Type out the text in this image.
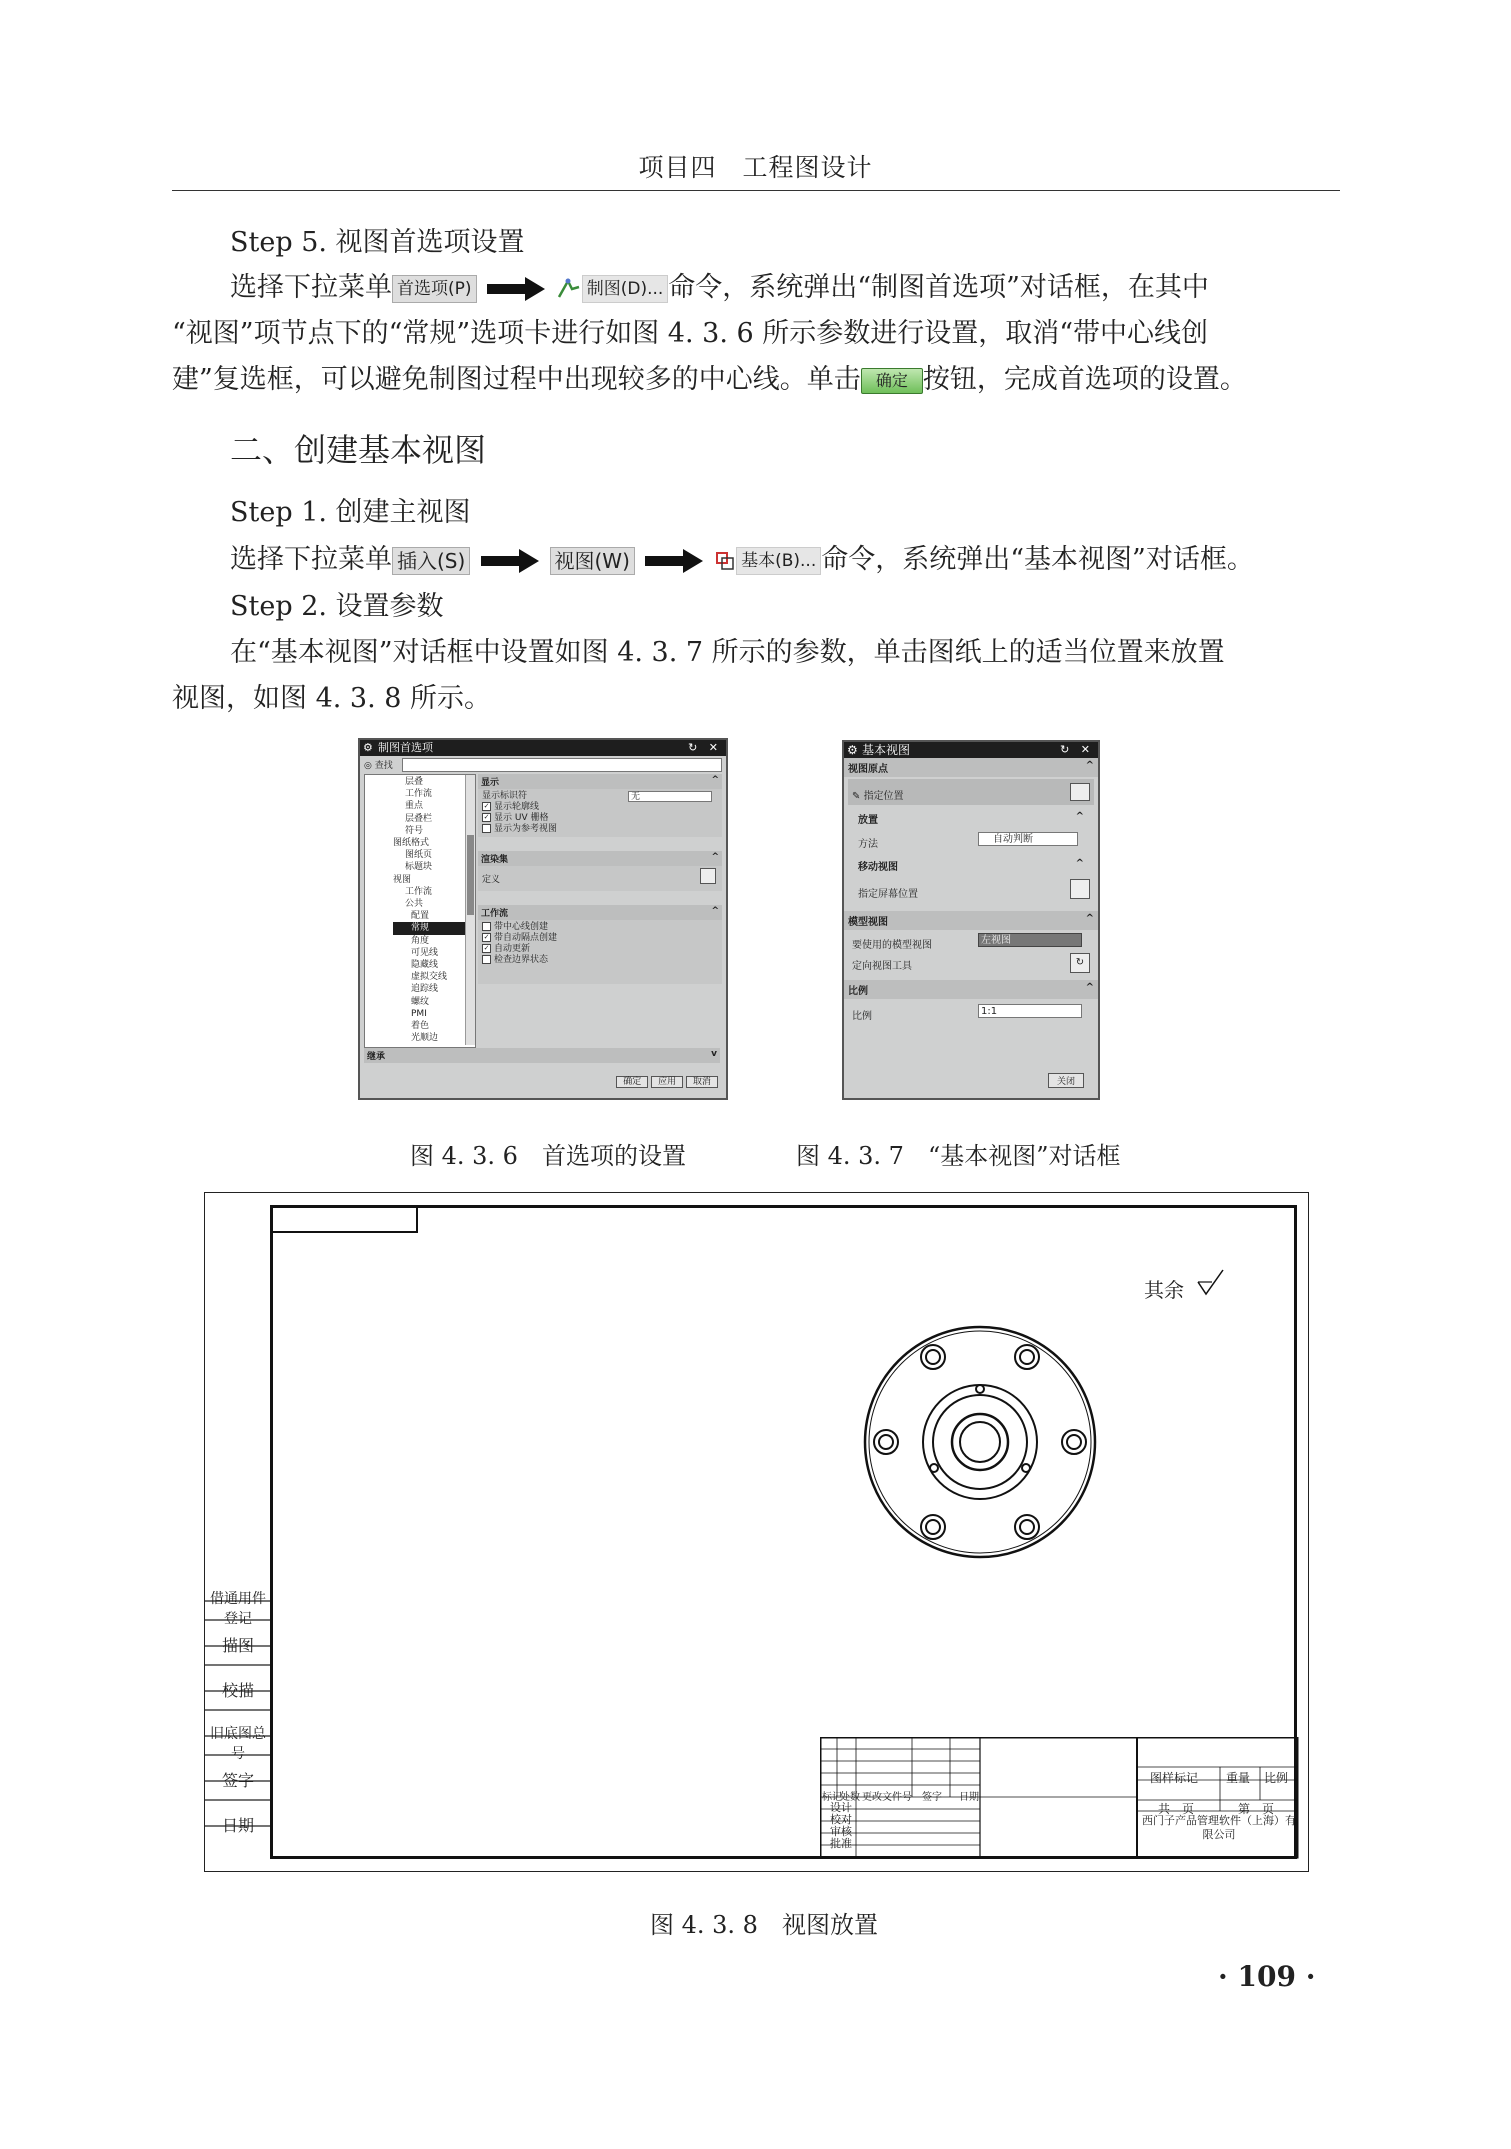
项目四　工程图设计
Step 5. 视图首选项设置
选择下拉菜单 首选项(P)	制图(D)... 命令，系统弹出“制图首选项”对话框，在其中
“视图”项节点下的“常规”选项卡进行如图 4. 3. 6 所示参数进行设置，取消“带中心线创
建”复选框，可以避免制图过程中出现较多的中心线。单击 确定 按钮，完成首选项的设置。
二、创建基本视图
Step 1. 创建主视图
选择下拉菜单 插入(S)	视图(W)	基本(B)... 命令，系统弹出“基本视图”对话框。
Step 2. 设置参数
在“基本视图”对话框中设置如图 4. 3. 7 所示的参数，单击图纸上的适当位置来放置
视图，如图 4. 3. 8 所示。
⚙ 制图首选项	↻ ✕
◎ 查找
层叠
工作流
重点
层叠栏
符号
图纸格式
图纸页
标题块
视图
工作流
公共
配置
常规
角度
可见线
隐藏线
虚拟交线
追踪线
螺纹
PMI
着色
光顺边
显示	^
显示标识符	无
✓ 显示轮廓线
✓ 显示 UV 栅格
显示为参考视图
渲染集	^
定义
工作流	^
带中心线创建
✓ 带自动隔点创建
✓ 自动更新
检查边界状态
继承	v
确定 应用 取消
⚙ 基本视图	↻ ✕
视图原点	^
✎ 指定位置
放置	^
方法	自动判断
移动视图	^
指定屏幕位置
模型视图	^
要使用的模型视图	左视图
定向视图工具	↻
比例	^
比例	1:1
关闭
图 4. 3. 6　首选项的设置	图 4. 3. 7　“基本视图”对话框
借通用件登记
描图
校描
旧底图总号
签字
日期
其余
标记
处数 更改文件号 签字 日期
设计
校对
审核
批准
图样标记 重量 比例
共　页	第　页
西门子产品管理软件（上海）有限公司
图 4. 3. 8　视图放置
· 109 ·
